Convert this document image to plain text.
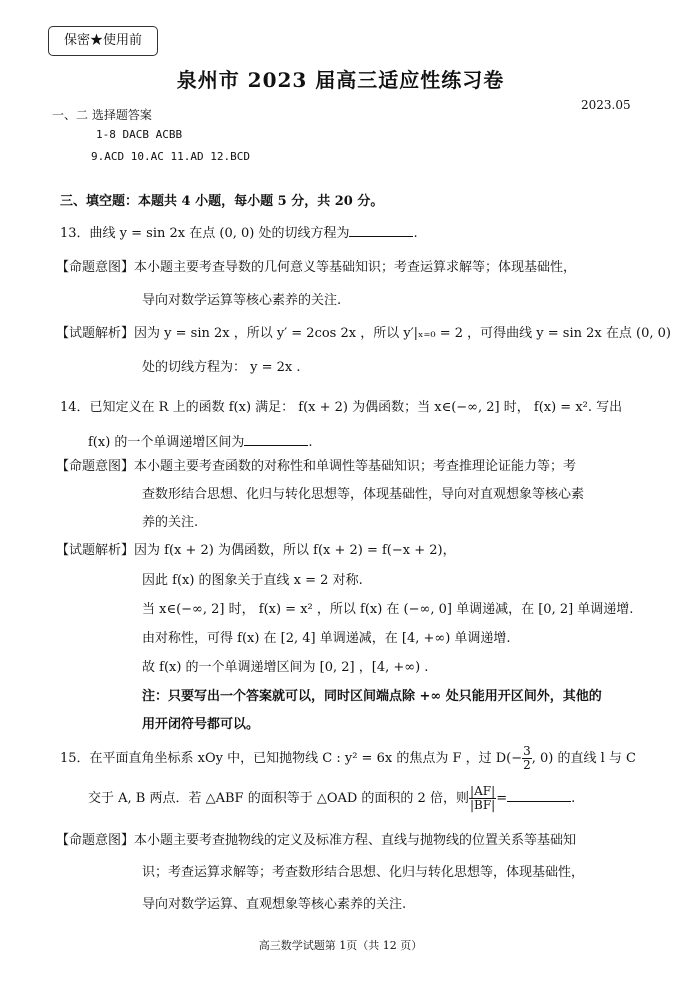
保密★使用前
泉州市 2023 届高三适应性练习卷
2023.05
一、二 选择题答案
1-8 DACB ACBB
9.ACD 10.AC 11.AD 12.BCD
三、填空题：本题共 4 小题，每小题 5 分，共 20 分。
13．曲线 y = sin 2x 在点 (0, 0) 处的切线方程为	.
【命题意图】本小题主要考查导数的几何意义等基础知识；考查运算求解等；体现基础性，
导向对数学运算等核心素养的关注.
【试题解析】因为 y = sin 2x ，所以 y′ = 2cos 2x ，所以 y′|ₓ₌₀ = 2 ，可得曲线 y = sin 2x 在点 (0, 0)
处的切线方程为： y = 2x .
14．已知定义在 R 上的函数 f(x) 满足： f(x + 2) 为偶函数；当 x∈(−∞, 2] 时， f(x) = x². 写出
f(x) 的一个单调递增区间为	.
【命题意图】本小题主要考查函数的对称性和单调性等基础知识；考查推理论证能力等；考
查数形结合思想、化归与转化思想等，体现基础性，导向对直观想象等核心素
养的关注.
【试题解析】因为 f(x + 2) 为偶函数，所以 f(x + 2) = f(−x + 2)，
因此 f(x) 的图象关于直线 x = 2 对称.
当 x∈(−∞, 2] 时， f(x) = x² ，所以 f(x) 在 (−∞, 0] 单调递减，在 [0, 2] 单调递增.
由对称性，可得 f(x) 在 [2, 4] 单调递减，在 [4, +∞) 单调递增.
故 f(x) 的一个单调递增区间为 [0, 2] ，[4, +∞) .
注：只要写出一个答案就可以，同时区间端点除 +∞ 处只能用开区间外，其他的
用开闭符号都可以。
15．在平面直角坐标系 xOy 中，已知抛物线 C : y² = 6x 的焦点为 F ，过 $D(- \frac{3}{2}$ , 0) 的直线 l 与 C
交于 A, B 两点．若 △ABF 的面积等于 △OAD 的面积的 2 倍，则 $\frac{|AF|}{|BF|}$ =	.
【命题意图】本小题主要考查抛物线的定义及标准方程、直线与抛物线的位置关系等基础知
识；考查运算求解等；考查数形结合思想、化归与转化思想等，体现基础性，
导向对数学运算、直观想象等核心素养的关注.
高三数学试题第 1页（共 12 页）
